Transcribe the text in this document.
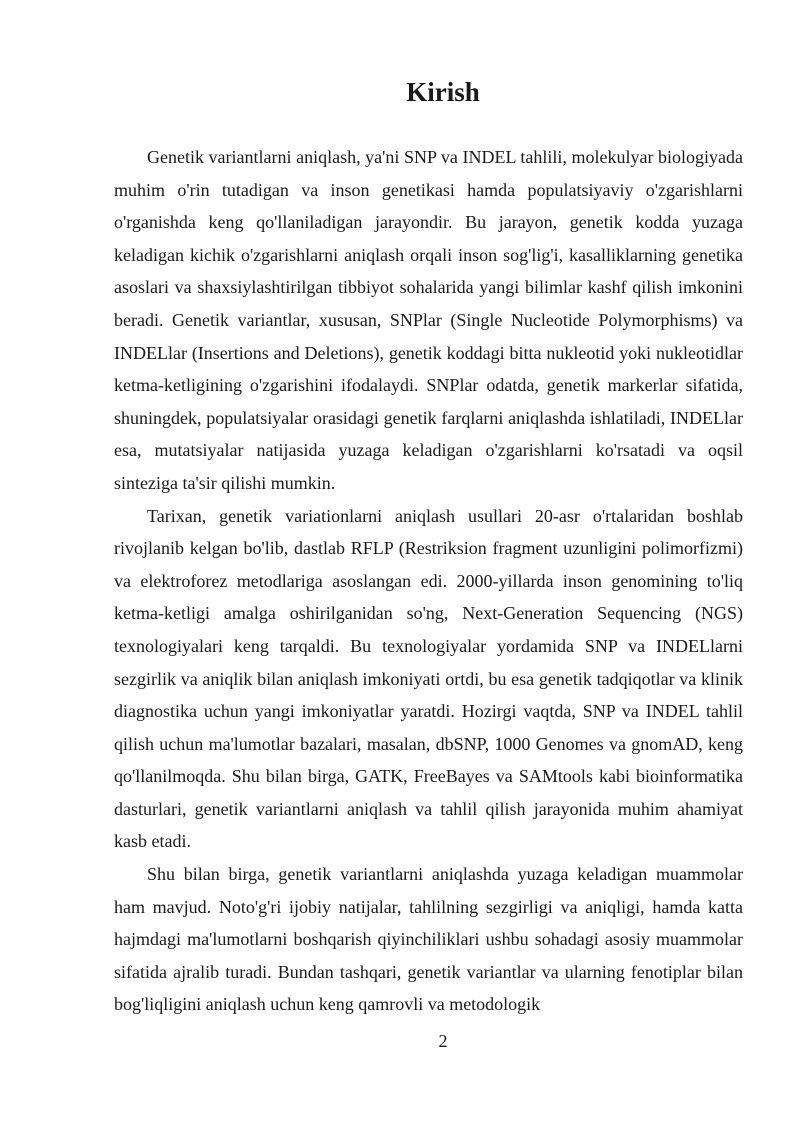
Kirish

Genetik variantlarni aniqlash, ya'ni SNP va INDEL tahlili, molekulyar biologiyada muhim o'rin tutadigan va inson genetikasi hamda populatsiyaviy o'zgarishlarni o'rganishda keng qo'llaniladigan jarayondir. Bu jarayon, genetik kodda yuzaga keladigan kichik o'zgarishlarni aniqlash orqali inson sog'lig'i, kasalliklarning genetika asoslari va shaxsiylashtirilgan tibbiyot sohalarida yangi bilimlar kashf qilish imkonini beradi. Genetik variantlar, xususan, SNPlar (Single Nucleotide Polymorphisms) va INDELlar (Insertions and Deletions), genetik koddagi bitta nukleotid yoki nukleotidlar ketma-ketligining o'zgarishini ifodalaydi. SNPlar odatda, genetik markerlar sifatida, shuningdek, populatsiyalar orasidagi genetik farqlarni aniqlashda ishlatiladi, INDELlar esa, mutatsiyalar natijasida yuzaga keladigan o'zgarishlarni ko'rsatadi va oqsil sinteziga ta'sir qilishi mumkin.

Tarixan, genetik variationlarni aniqlash usullari 20-asr o'rtalaridan boshlab rivojlanib kelgan bo'lib, dastlab RFLP (Restriksion fragment uzunligini polimorfizmi) va elektroforez metodlariga asoslangan edi. 2000-yillarda inson genomining to'liq ketma-ketligi amalga oshirilganidan so'ng, Next-Generation Sequencing (NGS) texnologiyalari keng tarqaldi. Bu texnologiyalar yordamida SNP va INDELlarni sezgirlik va aniqlik bilan aniqlash imkoniyati ortdi, bu esa genetik tadqiqotlar va klinik diagnostika uchun yangi imkoniyatlar yaratdi. Hozirgi vaqtda, SNP va INDEL tahlil qilish uchun ma'lumotlar bazalari, masalan, dbSNP, 1000 Genomes va gnomAD, keng qo'llanilmoqda. Shu bilan birga, GATK, FreeBayes va SAMtools kabi bioinformatika dasturlari, genetik variantlarni aniqlash va tahlil qilish jarayonida muhim ahamiyat kasb etadi.

Shu bilan birga, genetik variantlarni aniqlashda yuzaga keladigan muammolar ham mavjud. Noto'g'ri ijobiy natijalar, tahlilning sezgirligi va aniqligi, hamda katta hajmdagi ma'lumotlarni boshqarish qiyinchiliklari ushbu sohadagi asosiy muammolar sifatida ajralib turadi. Bundan tashqari, genetik variantlar va ularning fenotiplar bilan bog'liqligini aniqlash uchun keng qamrovli va metodologik

2
